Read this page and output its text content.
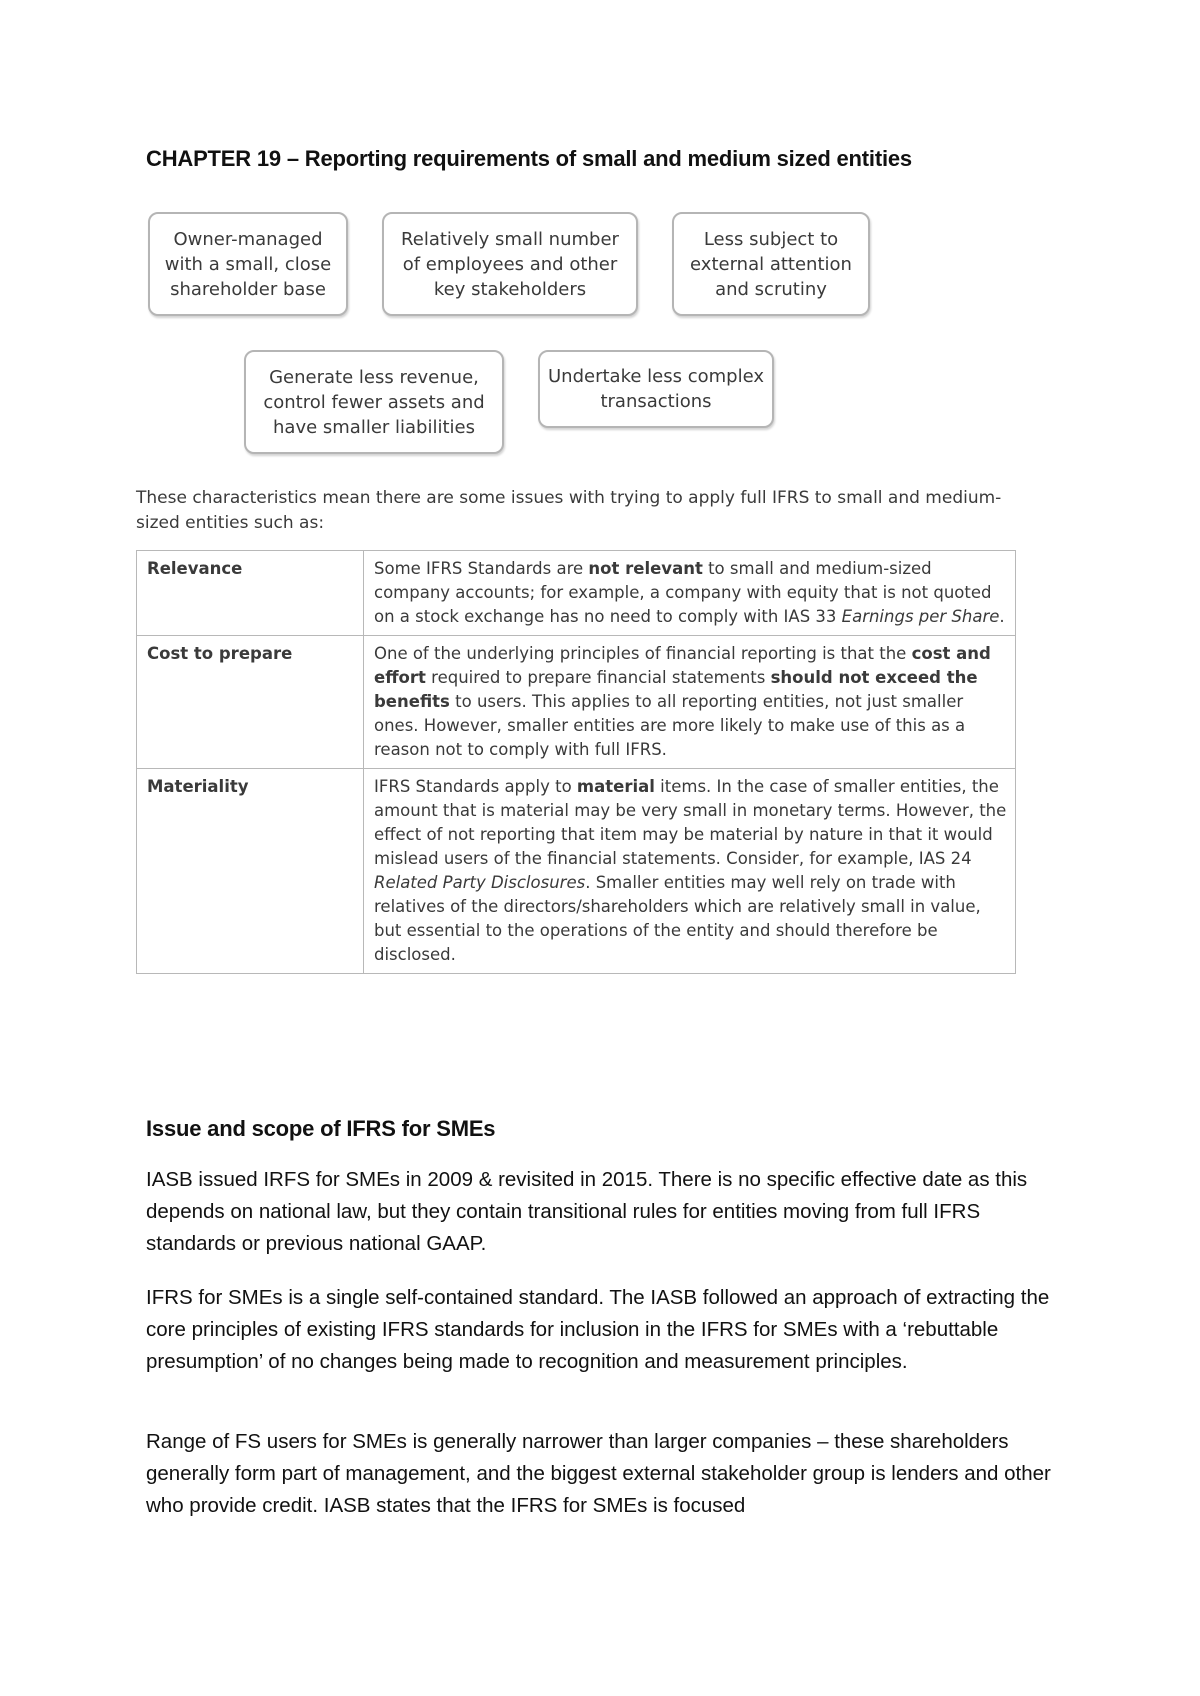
CHAPTER 19 – Reporting requirements of small and medium sized entities
Owner-managed with a small, close shareholder base
Relatively small number of employees and other key stakeholders
Less subject to external attention and scrutiny
Generate less revenue, control fewer assets and have smaller liabilities
Undertake less complex transactions

These characteristics mean there are some issues with trying to apply full IFRS to small and medium-sized entities such as:

Relevance	Some IFRS Standards are not relevant to small and medium-sized company accounts; for example, a company with equity that is not quoted on a stock exchange has no need to comply with IAS 33 Earnings per Share.
Cost to prepare	One of the underlying principles of financial reporting is that the cost and effort required to prepare financial statements should not exceed the benefits to users. This applies to all reporting entities, not just smaller ones. However, smaller entities are more likely to make use of this as a reason not to comply with full IFRS.
Materiality	IFRS Standards apply to material items. In the case of smaller entities, the amount that is material may be very small in monetary terms. However, the effect of not reporting that item may be material by nature in that it would mislead users of the financial statements. Consider, for example, IAS 24 Related Party Disclosures. Smaller entities may well rely on trade with relatives of the directors/shareholders which are relatively small in value, but essential to the operations of the entity and should therefore be disclosed.
Issue and scope of IFRS for SMEs

IASB issued IRFS for SMEs in 2009 & revisited in 2015. There is no specific effective date as this depends on national law, but they contain transitional rules for entities moving from full IFRS standards or previous national GAAP.

IFRS for SMEs is a single self-contained standard. The IASB followed an approach of extracting the core principles of existing IFRS standards for inclusion in the IFRS for SMEs with a ‘rebuttable presumption’ of no changes being made to recognition and measurement principles.

Range of FS users for SMEs is generally narrower than larger companies – these shareholders generally form part of management, and the biggest external stakeholder group is lenders and other who provide credit. IASB states that the IFRS for SMEs is focused
